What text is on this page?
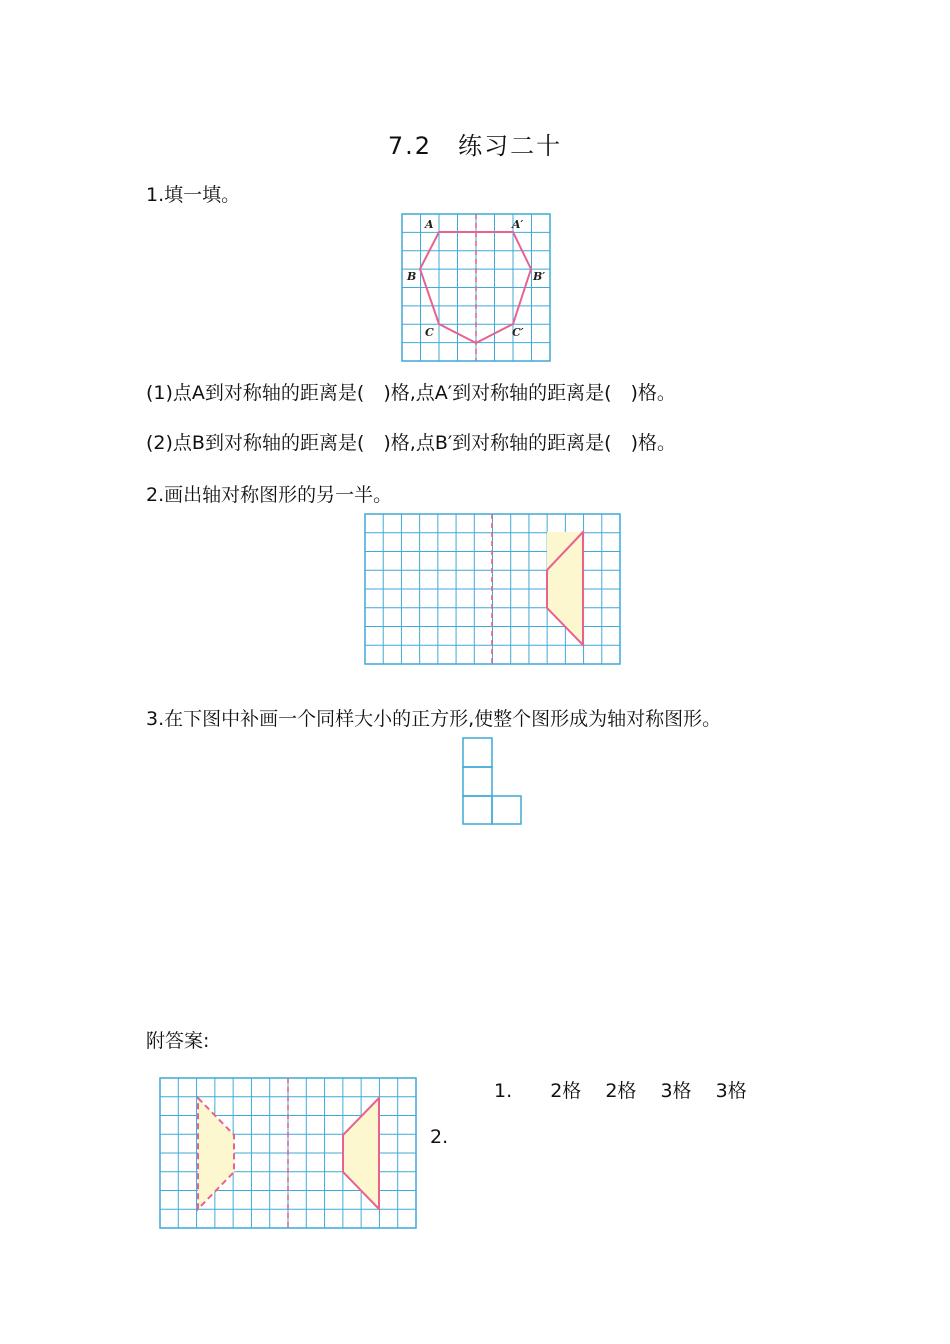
7.2　练习二十
1.填一填。
A	A′
B	B′
C	C′
(1)点A到对称轴的距离是(　)格,点A′到对称轴的距离是(　)格。
(2)点B到对称轴的距离是(　)格,点B′到对称轴的距离是(　)格。
2.画出轴对称图形的另一半。
3.在下图中补画一个同样大小的正方形,使整个图形成为轴对称图形。
附答案:
1. 2格 2格 3格 3格
2.
